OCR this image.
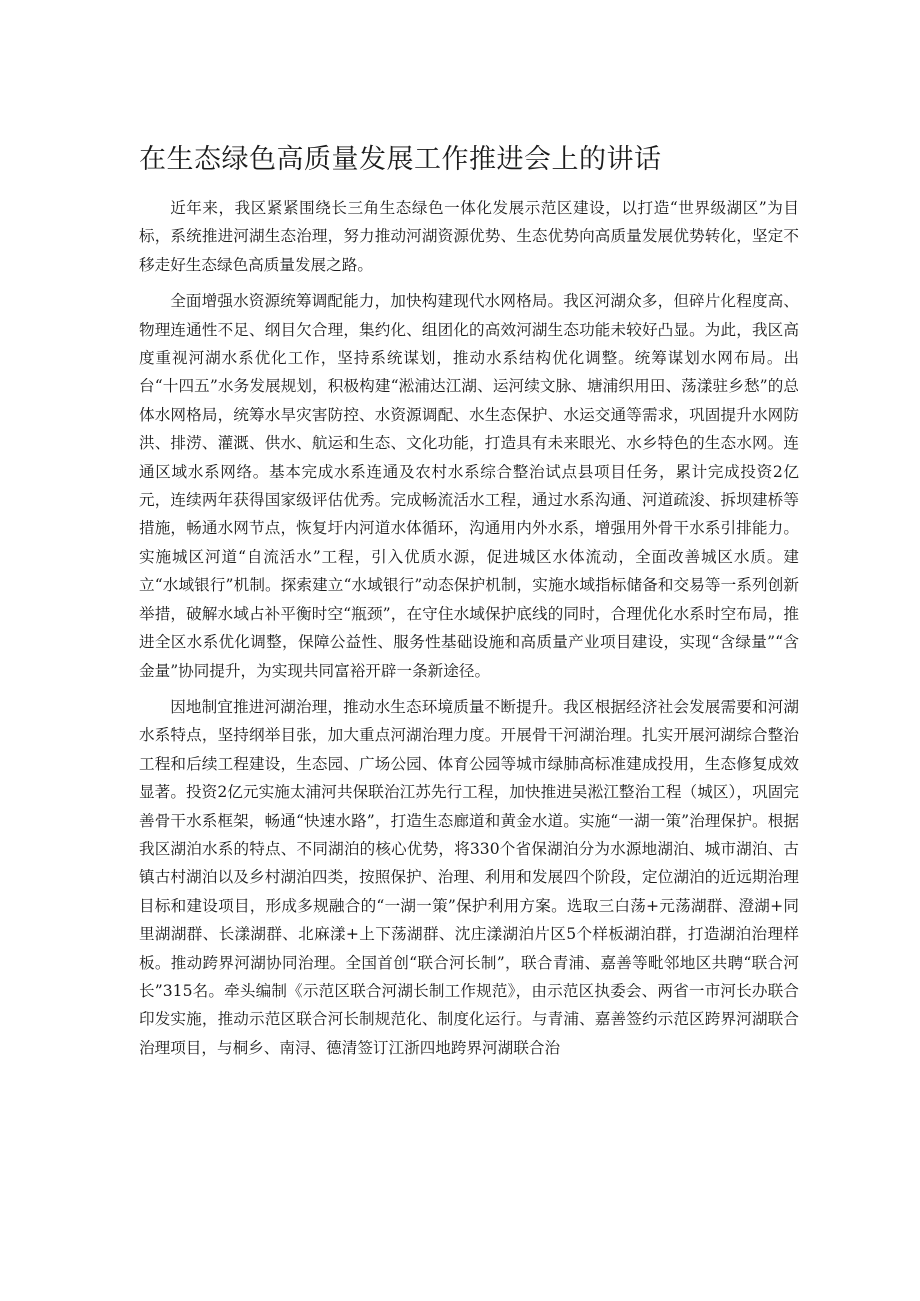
在生态绿色高质量发展工作推进会上的讲话

近年来，我区紧紧围绕长三角生态绿色一体化发展示范区建设，以打造“世界级湖区”为目标，系统推进河湖生态治理，努力推动河湖资源优势、生态优势向高质量发展优势转化，坚定不移走好生态绿色高质量发展之路。

全面增强水资源统筹调配能力，加快构建现代水网格局。我区河湖众多，但碎片化程度高、物理连通性不足、纲目欠合理，集约化、组团化的高效河湖生态功能未较好凸显。为此，我区高度重视河湖水系优化工作，坚持系统谋划，推动水系结构优化调整。统筹谋划水网布局。出台“十四五”水务发展规划，积极构建“淞浦达江湖、运河续文脉、塘浦织用田、荡漾驻乡愁”的总体水网格局，统筹水旱灾害防控、水资源调配、水生态保护、水运交通等需求，巩固提升水网防洪、排涝、灌溉、供水、航运和生态、文化功能，打造具有未来眼光、水乡特色的生态水网。连通区域水系网络。基本完成水系连通及农村水系综合整治试点县项目任务，累计完成投资2亿元，连续两年获得国家级评估优秀。完成畅流活水工程，通过水系沟通、河道疏浚、拆坝建桥等措施，畅通水网节点，恢复圩内河道水体循环，沟通用内外水系，增强用外骨干水系引排能力。实施城区河道“自流活水”工程，引入优质水源，促进城区水体流动，全面改善城区水质。建立“水域银行”机制。探索建立“水域银行”动态保护机制，实施水域指标储备和交易等一系列创新举措，破解水域占补平衡时空“瓶颈”，在守住水域保护底线的同时，合理优化水系时空布局，推进全区水系优化调整，保障公益性、服务性基础设施和高质量产业项目建设，实现“含绿量”“含金量”协同提升，为实现共同富裕开辟一条新途径。

因地制宜推进河湖治理，推动水生态环境质量不断提升。我区根据经济社会发展需要和河湖水系特点，坚持纲举目张，加大重点河湖治理力度。开展骨干河湖治理。扎实开展河湖综合整治工程和后续工程建设，生态园、广场公园、体育公园等城市绿肺高标准建成投用，生态修复成效显著。投资2亿元实施太浦河共保联治江苏先行工程，加快推进吴淞江整治工程（城区），巩固完善骨干水系框架，畅通“快速水路”，打造生态廊道和黄金水道。实施“一湖一策”治理保护。根据我区湖泊水系的特点、不同湖泊的核心优势，将330个省保湖泊分为水源地湖泊、城市湖泊、古镇古村湖泊以及乡村湖泊四类，按照保护、治理、利用和发展四个阶段，定位湖泊的近远期治理目标和建设项目，形成多规融合的“一湖一策”保护利用方案。选取三白荡+元荡湖群、澄湖+同里湖湖群、长漾湖群、北麻漾+上下荡湖群、沈庄漾湖泊片区5个样板湖泊群，打造湖泊治理样板。推动跨界河湖协同治理。全国首创“联合河长制”，联合青浦、嘉善等毗邻地区共聘“联合河长”315名。牵头编制《示范区联合河湖长制工作规范》，由示范区执委会、两省一市河长办联合印发实施，推动示范区联合河长制规范化、制度化运行。与青浦、嘉善签约示范区跨界河湖联合治理项目，与桐乡、南浔、德清签订江浙四地跨界河湖联合治
